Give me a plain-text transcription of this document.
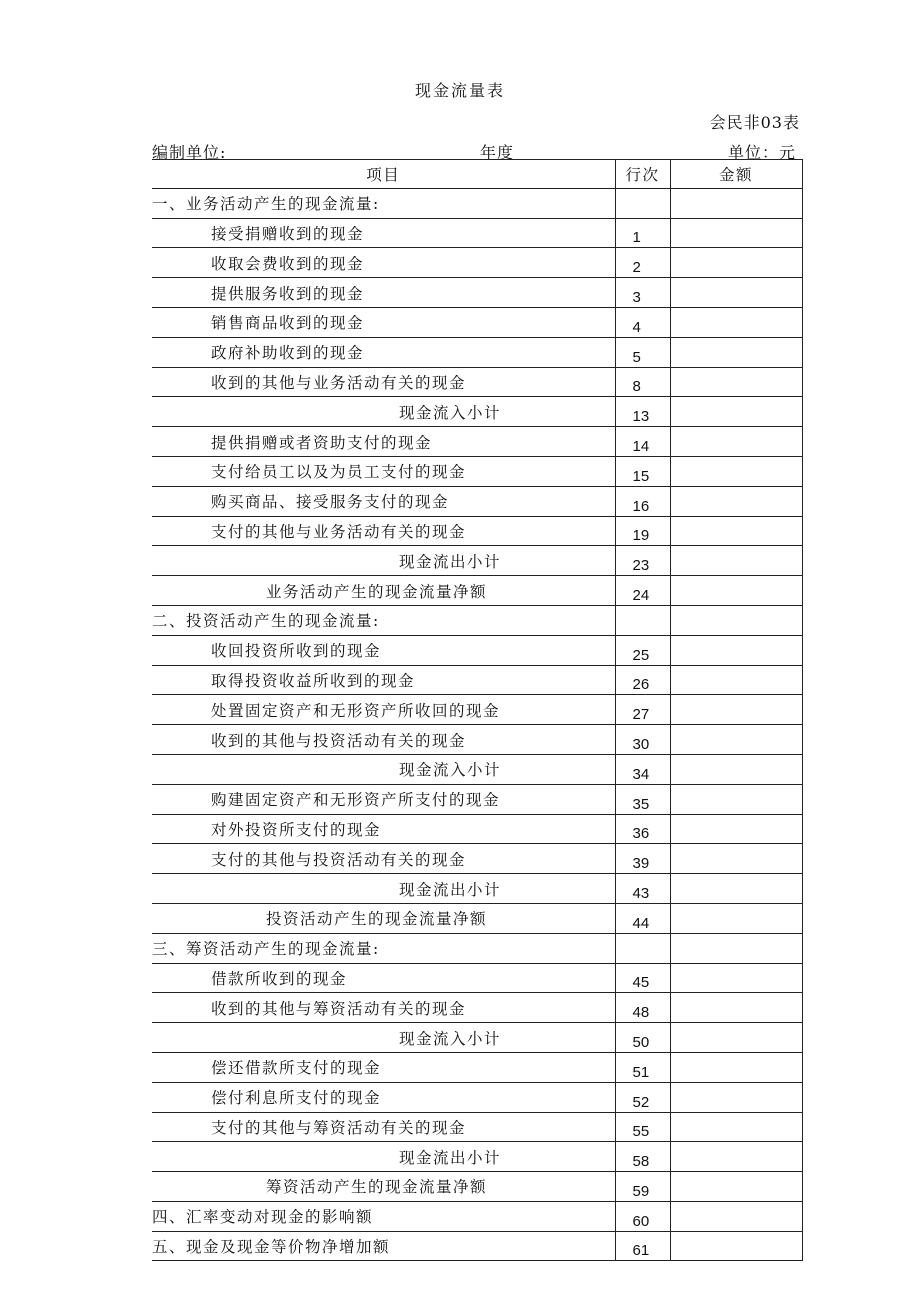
现金流量表
会民非03表
编制单位:	年度	单位：元
项目	行次	金额
一、业务活动产生的现金流量:		
接受捐赠收到的现金	1	
收取会费收到的现金	2	
提供服务收到的现金	3	
销售商品收到的现金	4	
政府补助收到的现金	5	
收到的其他与业务活动有关的现金	8	
现金流入小计	13	
提供捐赠或者资助支付的现金	14	
支付给员工以及为员工支付的现金	15	
购买商品、接受服务支付的现金	16	
支付的其他与业务活动有关的现金	19	
现金流出小计	23	
业务活动产生的现金流量净额	24	
二、投资活动产生的现金流量:		
收回投资所收到的现金	25	
取得投资收益所收到的现金	26	
处置固定资产和无形资产所收回的现金	27	
收到的其他与投资活动有关的现金	30	
现金流入小计	34	
购建固定资产和无形资产所支付的现金	35	
对外投资所支付的现金	36	
支付的其他与投资活动有关的现金	39	
现金流出小计	43	
投资活动产生的现金流量净额	44	
三、筹资活动产生的现金流量:		
借款所收到的现金	45	
收到的其他与筹资活动有关的现金	48	
现金流入小计	50	
偿还借款所支付的现金	51	
偿付利息所支付的现金	52	
支付的其他与筹资活动有关的现金	55	
现金流出小计	58	
筹资活动产生的现金流量净额	59	
四、汇率变动对现金的影响额	60	
五、现金及现金等价物净增加额	61	
